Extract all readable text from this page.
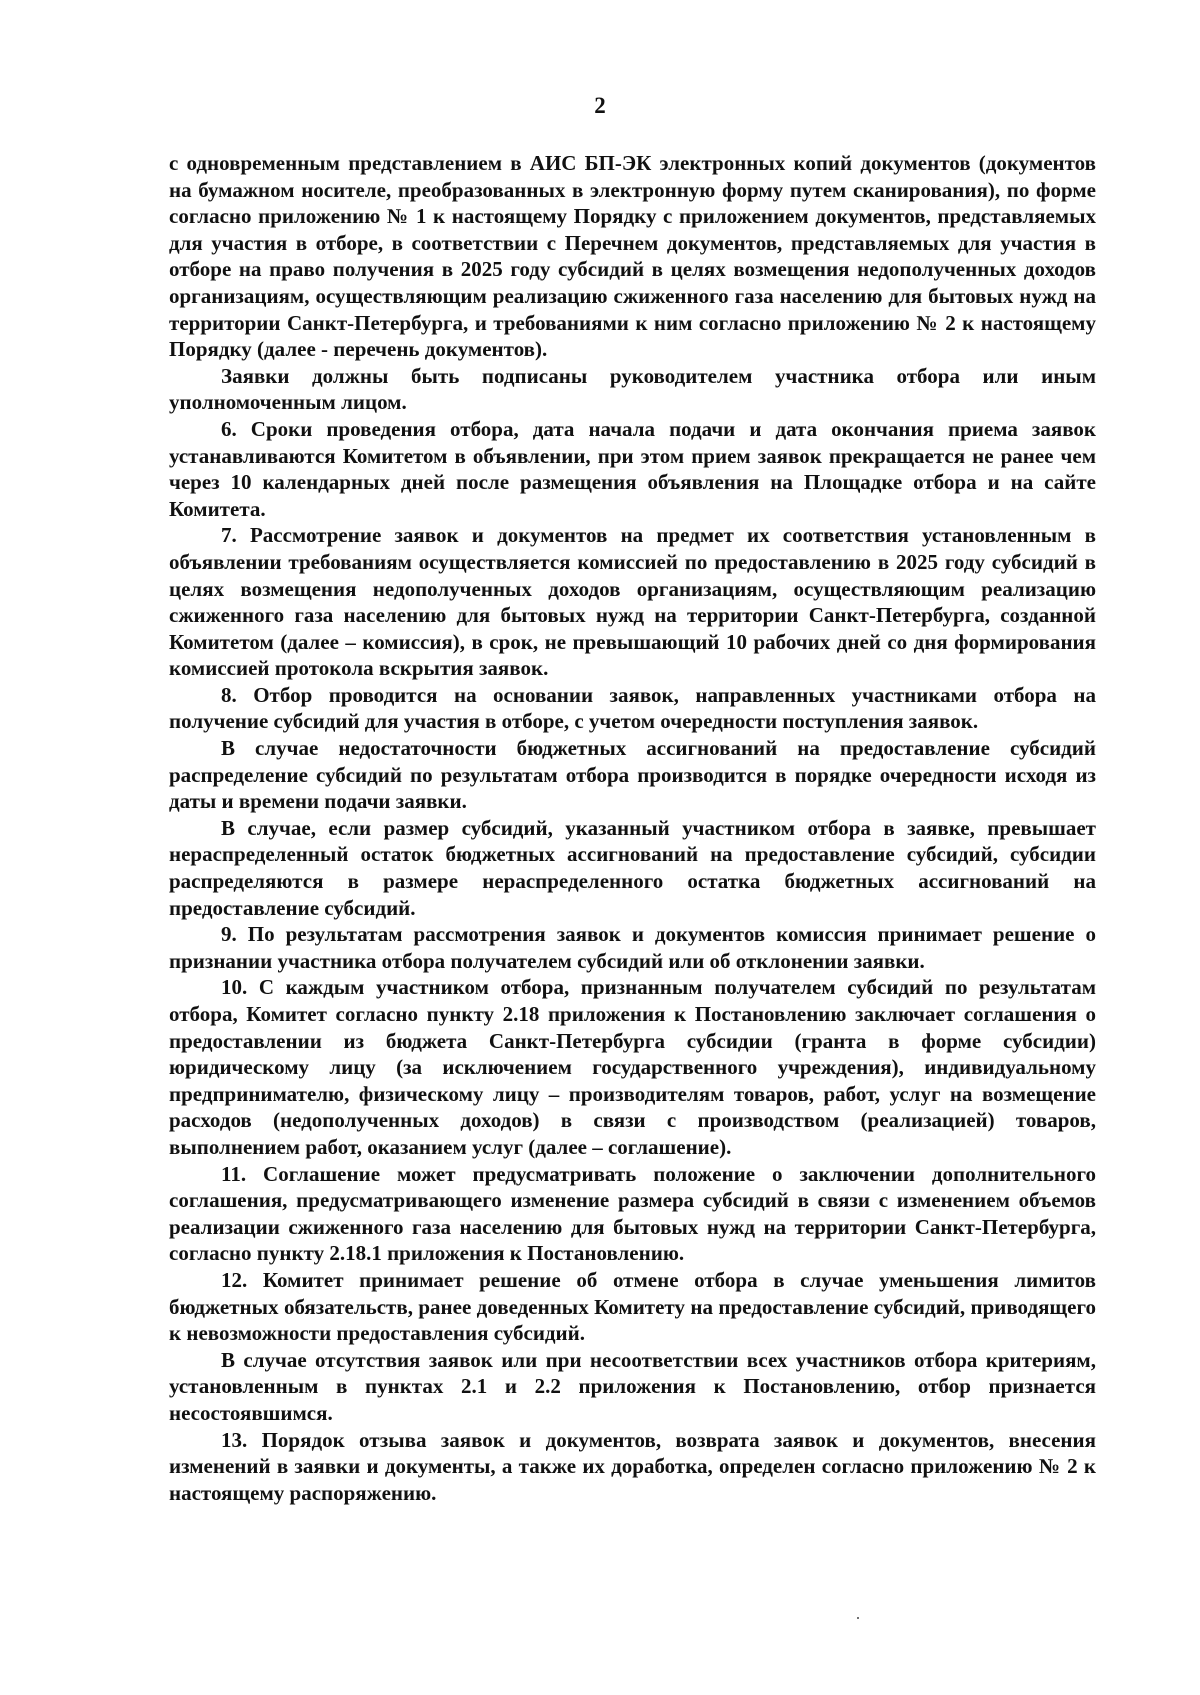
2

с одновременным представлением в АИС БП-ЭК электронных копий документов (документов на бумажном носителе, преобразованных в электронную форму путем сканирования), по форме согласно приложению № 1 к настоящему Порядку с приложением документов, представляемых для участия в отборе, в соответствии с Перечнем документов, представляемых для участия в отборе на право получения в 2025 году субсидий в целях возмещения недополученных доходов организациям, осуществляющим реализацию сжиженного газа населению для бытовых нужд на территории Санкт-Петербурга, и требованиями к ним согласно приложению № 2 к настоящему Порядку (далее - перечень документов).

Заявки должны быть подписаны руководителем участника отбора или иным уполномоченным лицом.

6. Сроки проведения отбора, дата начала подачи и дата окончания приема заявок устанавливаются Комитетом в объявлении, при этом прием заявок прекращается не ранее чем через 10 календарных дней после размещения объявления на Площадке отбора и на сайте Комитета.

7. Рассмотрение заявок и документов на предмет их соответствия установленным в объявлении требованиям осуществляется комиссией по предоставлению в 2025 году субсидий в целях возмещения недополученных доходов организациям, осуществляющим реализацию сжиженного газа населению для бытовых нужд на территории Санкт-Петербурга, созданной Комитетом (далее – комиссия), в срок, не превышающий 10 рабочих дней со дня формирования комиссией протокола вскрытия заявок.

8. Отбор проводится на основании заявок, направленных участниками отбора на получение субсидий для участия в отборе, с учетом очередности поступления заявок.

В случае недостаточности бюджетных ассигнований на предоставление субсидий распределение субсидий по результатам отбора производится в порядке очередности исходя из даты и времени подачи заявки.

В случае, если размер субсидий, указанный участником отбора в заявке, превышает нераспределенный остаток бюджетных ассигнований на предоставление субсидий, субсидии распределяются в размере нераспределенного остатка бюджетных ассигнований на предоставление субсидий.

9. По результатам рассмотрения заявок и документов комиссия принимает решение о признании участника отбора получателем субсидий или об отклонении заявки.

10. С каждым участником отбора, признанным получателем субсидий по результатам отбора, Комитет согласно пункту 2.18 приложения к Постановлению заключает соглашения о предоставлении из бюджета Санкт-Петербурга субсидии (гранта в форме субсидии) юридическому лицу (за исключением государственного учреждения), индивидуальному предпринимателю, физическому лицу – производителям товаров, работ, услуг на возмещение расходов (недополученных доходов) в связи с производством (реализацией) товаров, выполнением работ, оказанием услуг (далее – соглашение).

11. Соглашение может предусматривать положение о заключении дополнительного соглашения, предусматривающего изменение размера субсидий в связи с изменением объемов реализации сжиженного газа населению для бытовых нужд на территории Санкт-Петербурга, согласно пункту 2.18.1 приложения к Постановлению.

12. Комитет принимает решение об отмене отбора в случае уменьшения лимитов бюджетных обязательств, ранее доведенных Комитету на предоставление субсидий, приводящего к невозможности предоставления субсидий.

В случае отсутствия заявок или при несоответствии всех участников отбора критериям, установленным в пунктах 2.1 и 2.2 приложения к Постановлению, отбор признается несостоявшимся.

13. Порядок отзыва заявок и документов, возврата заявок и документов, внесения изменений в заявки и документы, а также их доработка, определен согласно приложению № 2 к настоящему распоряжению.
